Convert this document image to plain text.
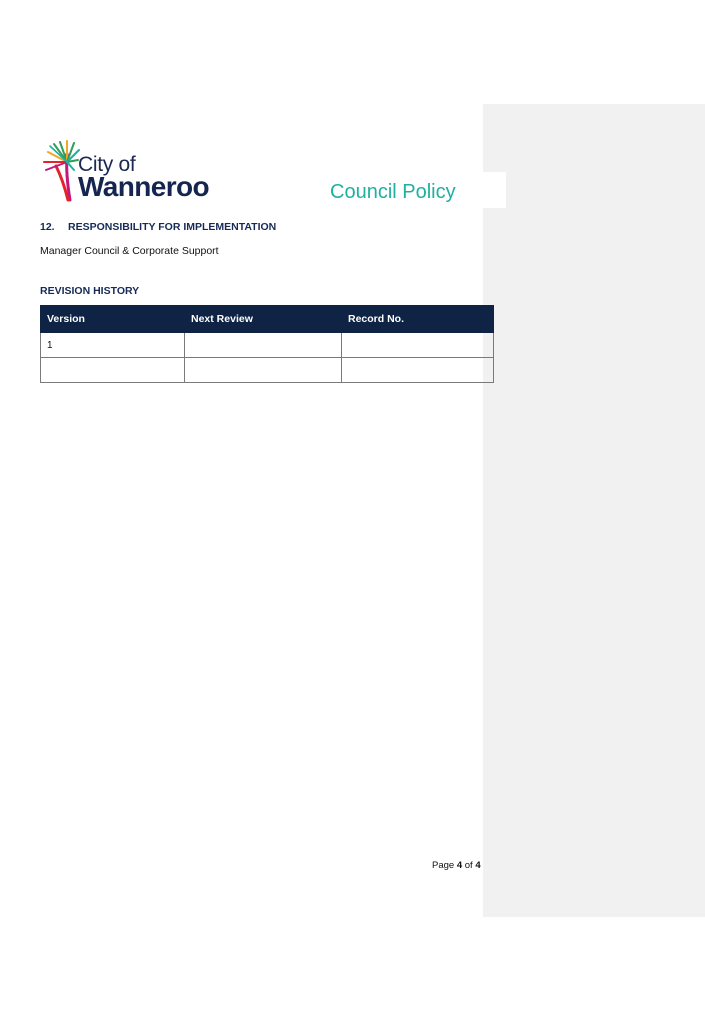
City of
Wanneroo	Council Policy
12. RESPONSIBILITY FOR IMPLEMENTATION
Manager Council & Corporate Support
REVISION HISTORY
Version	Next Review	Record No.
1		

Page 4 of 4
